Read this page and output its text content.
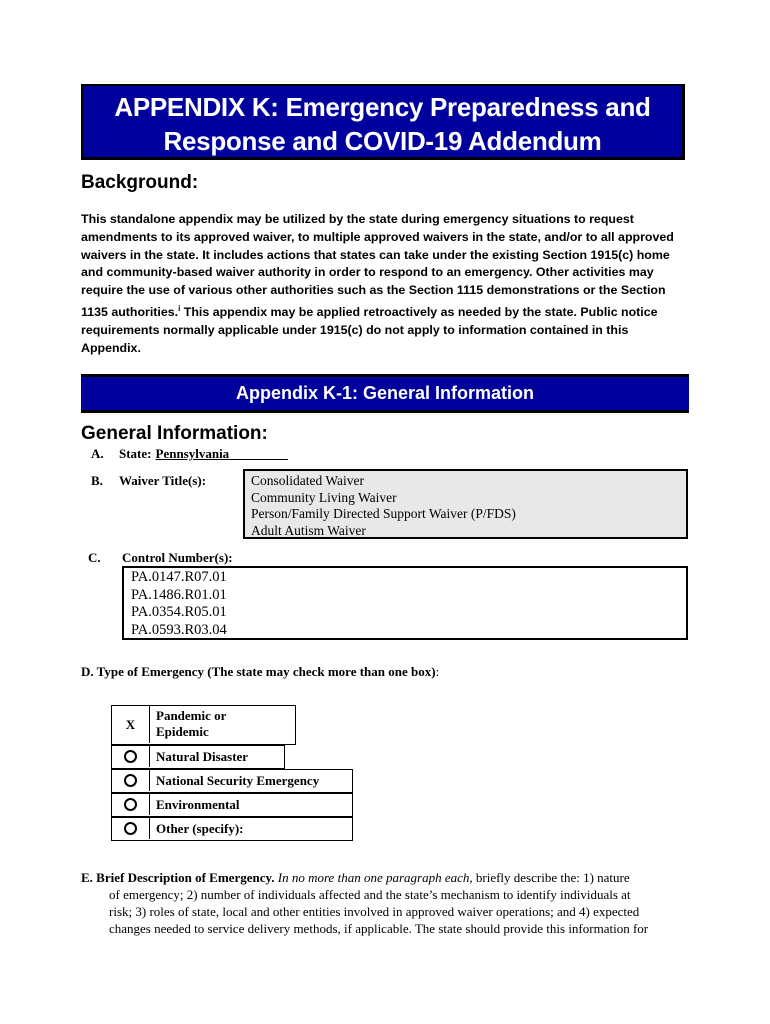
APPENDIX K: Emergency Preparedness and
Response and COVID-19 Addendum
Background:
This standalone appendix may be utilized by the state during emergency situations to request amendments to its approved waiver, to multiple approved waivers in the state, and/or to all approved waivers in the state. It includes actions that states can take under the existing Section 1915(c) home and community-based waiver authority in order to respond to an emergency. Other activities may require the use of various other authorities such as the Section 1115 demonstrations or the Section 1135 authorities.$^i$ This appendix may be applied retroactively as needed by the state. Public notice requirements normally applicable under 1915(c) do not apply to information contained in this Appendix.
Appendix K-1: General Information
General Information:
A. State: Pennsylvania_________
B. Waiver Title(s):	Consolidated Waiver
Community Living Waiver
Person/Family Directed Support Waiver (P/FDS)
Adult Autism Waiver
C. Control Number(s):
PA.0147.R07.01
PA.1486.R01.01
PA.0354.R05.01
PA.0593.R03.04
D. Type of Emergency (The state may check more than one box):
X
Pandemic or
Epidemic
Natural Disaster
National Security Emergency
Environmental
Other (specify):
E. Brief Description of Emergency. In no more than one paragraph each, briefly describe the: 1) nature
of emergency; 2) number of individuals affected and the state’s mechanism to identify individuals at
risk; 3) roles of state, local and other entities involved in approved waiver operations; and 4) expected
changes needed to service delivery methods, if applicable. The state should provide this information for
